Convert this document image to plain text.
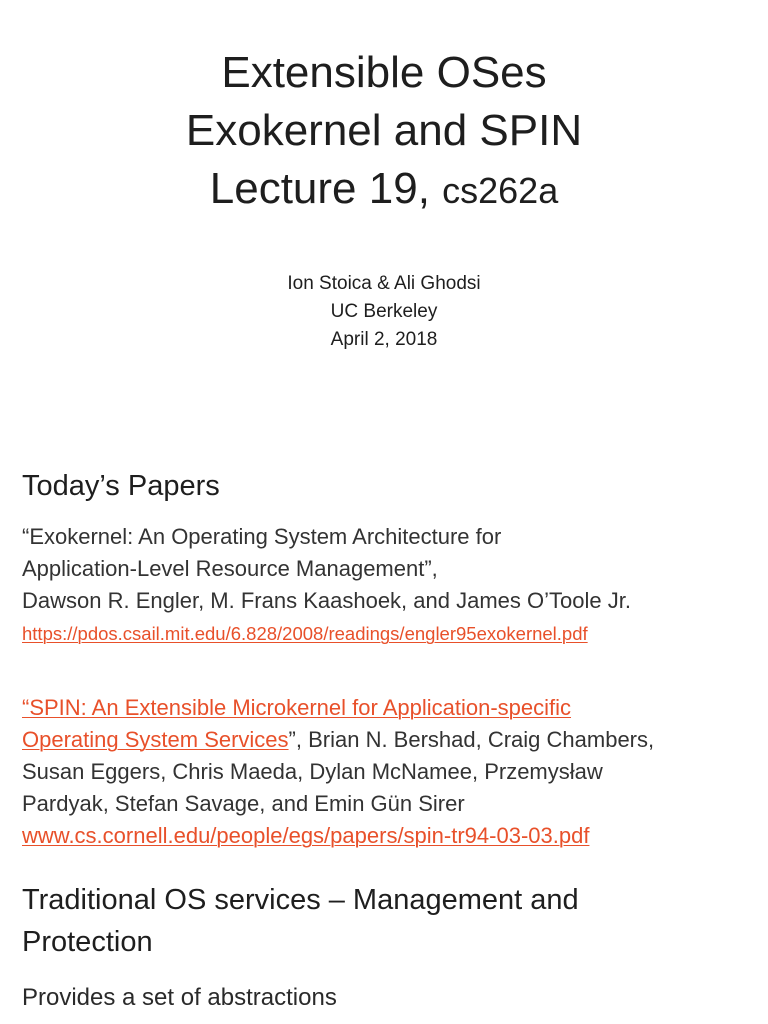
Extensible OSes
Exokernel and SPIN
Lecture 19, cs262a
Ion Stoica & Ali Ghodsi
UC Berkeley
April 2, 2018
Today’s Papers
“Exokernel: An Operating System Architecture for
Application-Level Resource Management”,
Dawson R. Engler, M. Frans Kaashoek, and James O’Toole Jr.
https://pdos.csail.mit.edu/6.828/2008/readings/engler95exokernel.pdf
“SPIN: An Extensible Microkernel for Application-specific
Operating System Services”, Brian N. Bershad, Craig Chambers,
Susan Eggers, Chris Maeda, Dylan McNamee, Przemysław
Pardyak, Stefan Savage, and Emin Gün Sirer
www.cs.cornell.edu/people/egs/papers/spin-tr94-03-03.pdf
Traditional OS services – Management and
Protection
Provides a set of abstractions
